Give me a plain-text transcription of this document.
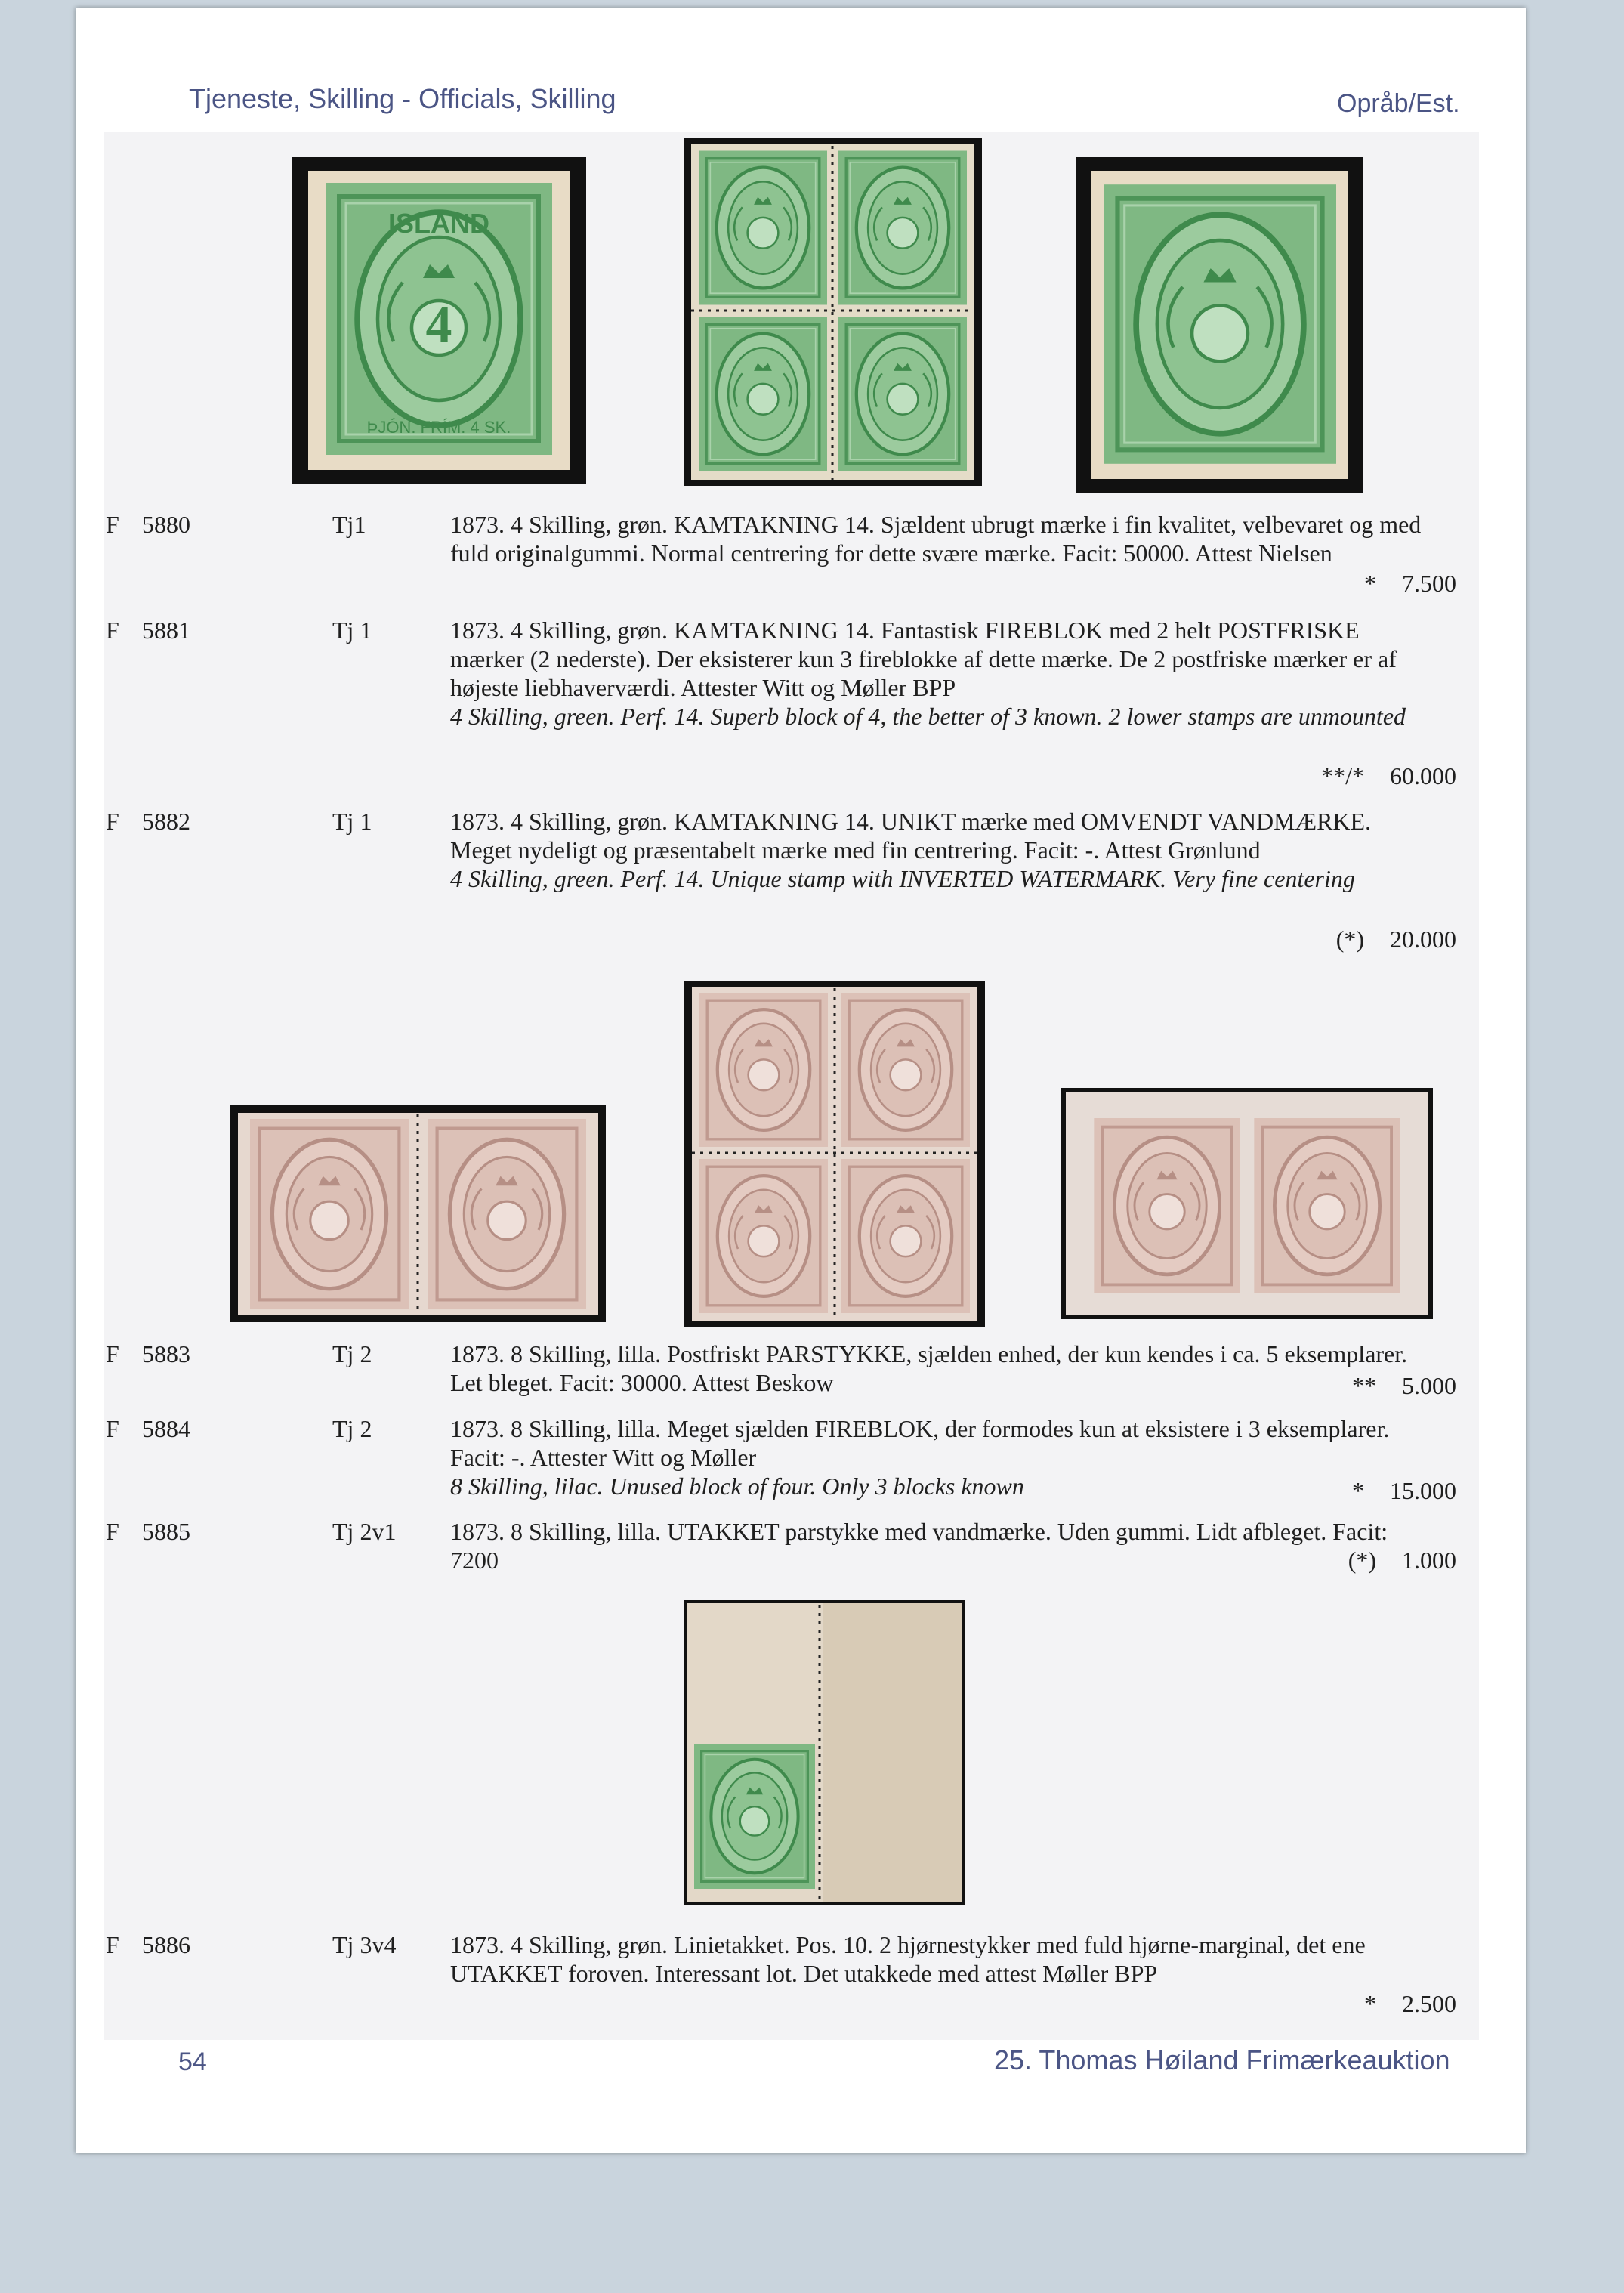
Tjeneste, Skilling - Officials, Skilling	Opråb/Est.
ÞJÓN. FRÍM. 4 SK.
ISLAND
4
F 5880	Tj1	1873. 4 Skilling, grøn. KAMTAKNING 14. Sjældent ubrugt mærke i fin kvalitet, velbevaret og med fuld originalgummi. Normal centrering for dette svære mærke. Facit: 50000. Attest Nielsen

* 7.500
F 5881	Tj 1	1873. 4 Skilling, grøn. KAMTAKNING 14. Fantastisk FIREBLOK med 2 helt POSTFRISKE mærker (2 nederste). Der eksisterer kun 3 fireblokke af dette mærke. De 2 postfriske mærker er af højeste liebhaverværdi. Attester Witt og Møller BPP

4 Skilling, green. Perf. 14. Superb block of 4, the better of 3 known. 2 lower stamps are unmounted

**/* 60.000
F 5882	Tj 1	1873. 4 Skilling, grøn. KAMTAKNING 14. UNIKT mærke med OMVENDT VANDMÆRKE. Meget nydeligt og præsentabelt mærke med fin centrering. Facit: -. Attest Grønlund

4 Skilling, green. Perf. 14. Unique stamp with INVERTED WATERMARK. Very fine centering

(*) 20.000
F 5883	Tj 2	1873. 8 Skilling, lilla. Postfriskt PARSTYKKE, sjælden enhed, der kun kendes i ca. 5 eksemplarer. Let bleget. Facit: 30000. Attest Beskow	** 5.000
F 5884	Tj 2	1873. 8 Skilling, lilla. Meget sjælden FIREBLOK, der formodes kun at eksistere i 3 eksemplarer. Facit: -. Attester Witt og Møller

8 Skilling, lilac. Unused block of four. Only 3 blocks known	* 15.000
F 5885	Tj 2v1 1873. 8 Skilling, lilla. UTAKKET parstykke med vandmærke. Uden gummi. Lidt afbleget. Facit: 7200	(*) 1.000
F 5886	Tj 3v4 1873. 4 Skilling, grøn. Linietakket. Pos. 10. 2 hjørnestykker med fuld hjørne-marginal, det ene UTAKKET foroven. Interessant lot. Det utakkede med attest Møller BPP

* 2.500
54	25. Thomas Høiland Frimærkeauktion
